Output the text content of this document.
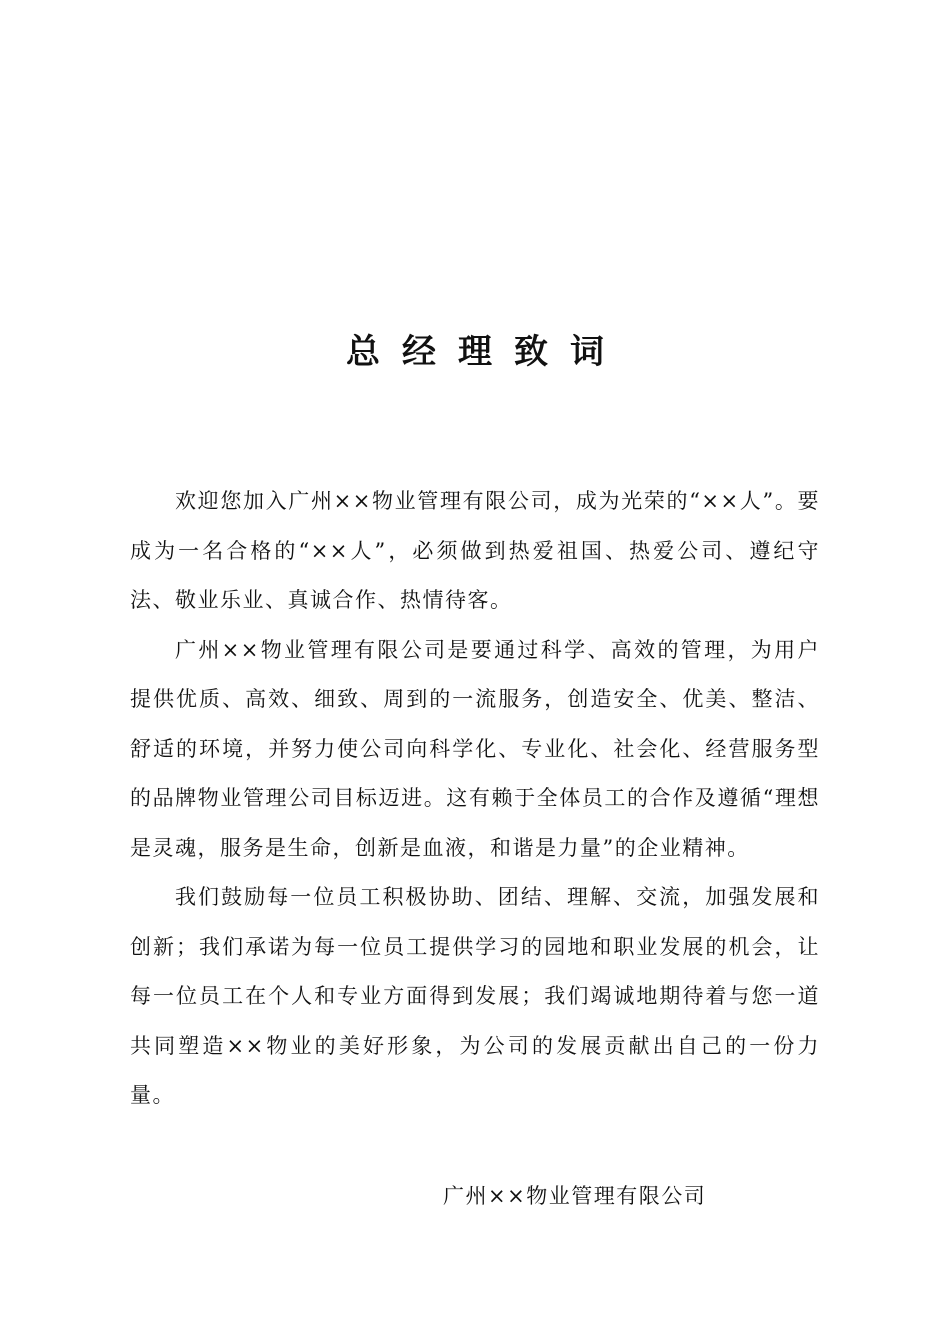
总经理致词

欢迎您加入广州××物业管理有限公司，成为光荣的“××人”。要成为一名合格的“××人”，必须做到热爱祖国、热爱公司、遵纪守法、敬业乐业、真诚合作、热情待客。

广州××物业管理有限公司是要通过科学、高效的管理，为用户提供优质、高效、细致、周到的一流服务，创造安全、优美、整洁、舒适的环境，并努力使公司向科学化、专业化、社会化、经营服务型的品牌物业管理公司目标迈进。这有赖于全体员工的合作及遵循“理想是灵魂，服务是生命，创新是血液，和谐是力量”的企业精神。

我们鼓励每一位员工积极协助、团结、理解、交流，加强发展和创新；我们承诺为每一位员工提供学习的园地和职业发展的机会，让每一位员工在个人和专业方面得到发展；我们竭诚地期待着与您一道共同塑造××物业的美好形象，为公司的发展贡献出自己的一份力量。

广州××物业管理有限公司
